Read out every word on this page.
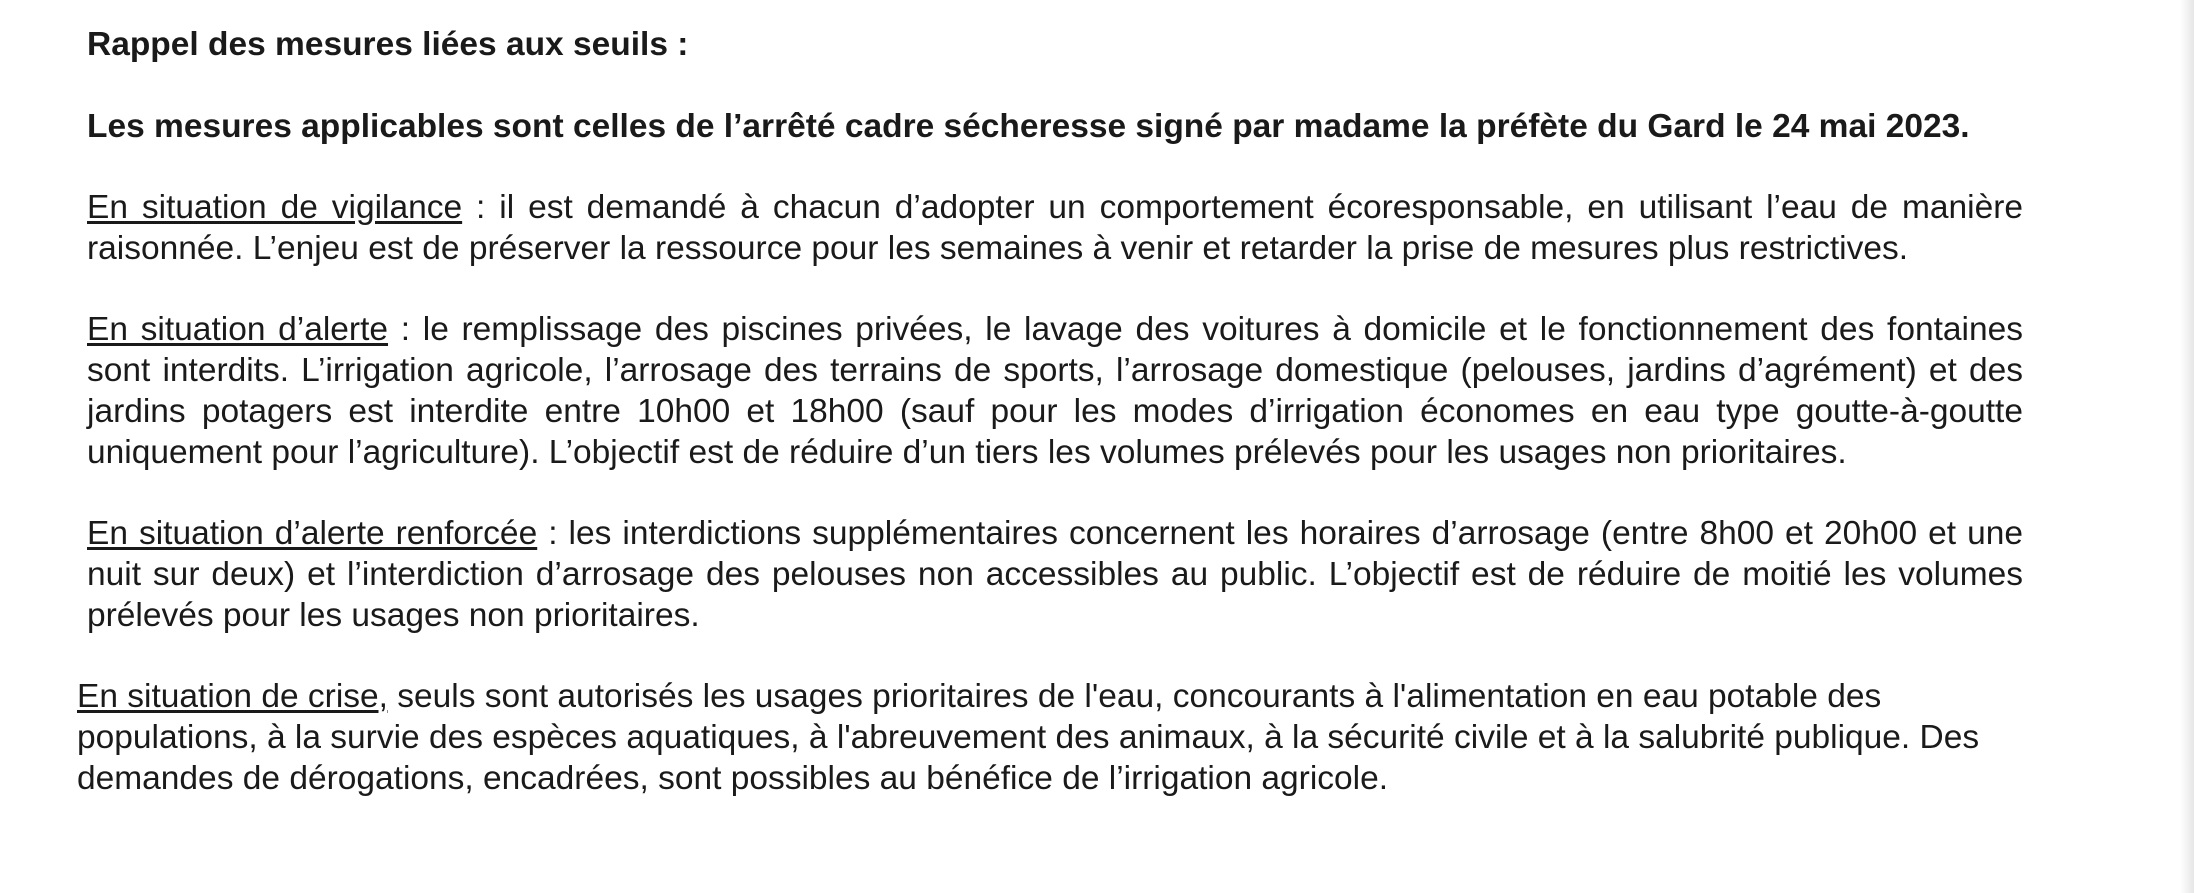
Rappel des mesures liées aux seuils :

Les mesures applicables sont celles de l’arrêté cadre sécheresse signé par madame la préfète du Gard le 24 mai 2023.

En situation de vigilance : il est demandé à chacun d’adopter un comportement écoresponsable, en utilisant l’eau de manière raisonnée. L’enjeu est de préserver la ressource pour les semaines à venir et retarder la prise de mesures plus restrictives.

En situation d’alerte : le remplissage des piscines privées, le lavage des voitures à domicile et le fonctionnement des fontaines sont interdits. L’irrigation agricole, l’arrosage des terrains de sports, l’arrosage domestique (pelouses, jardins d’agrément) et des jardins potagers est interdite entre 10h00 et 18h00 (sauf pour les modes d’irrigation économes en eau type goutte-à-goutte uniquement pour l’agriculture). L’objectif est de réduire d’un tiers les volumes prélevés pour les usages non prioritaires.

En situation d’alerte renforcée : les interdictions supplémentaires concernent les horaires d’arrosage (entre 8h00 et 20h00 et une nuit sur deux) et l’interdiction d’arrosage des pelouses non accessibles au public. L’objectif est de réduire de moitié les volumes prélevés pour les usages non prioritaires.

En situation de crise, seuls sont autorisés les usages prioritaires de l'eau, concourants à l'alimentation en eau potable des populations, à la survie des espèces aquatiques, à l'abreuvement des animaux, à la sécurité civile et à la salubrité publique. Des demandes de dérogations, encadrées, sont possibles au bénéfice de l’irrigation agricole.
